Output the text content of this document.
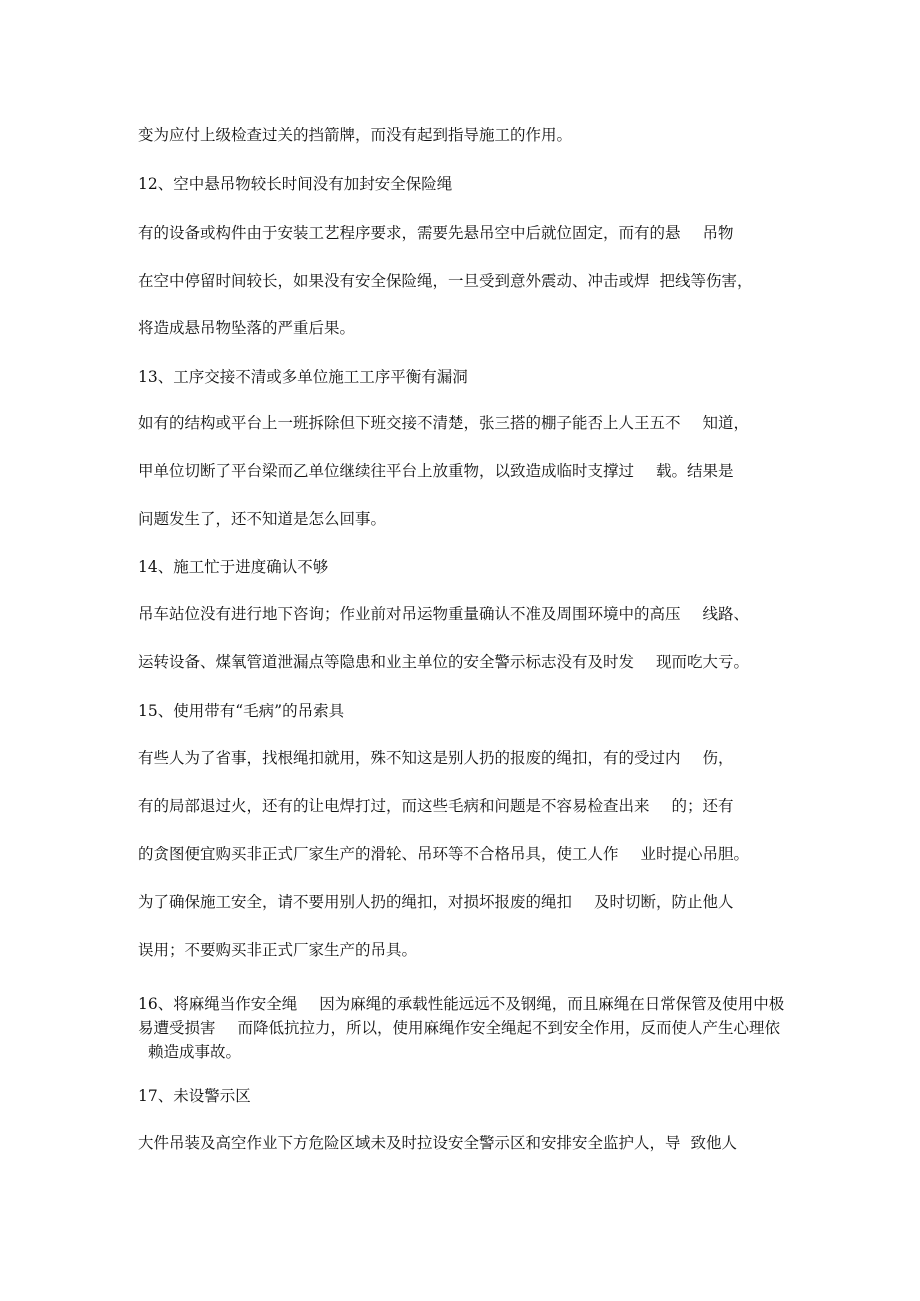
变为应付上级检查过关的挡箭牌，而没有起到指导施工的作用。
12、空中悬吊物较长时间没有加封安全保险绳
有的设备或构件由于安装工艺程序要求，需要先悬吊空中后就位固定，而有的悬 吊物
在空中停留时间较长，如果没有安全保险绳，一旦受到意外震动、冲击或焊 把线等伤害，
将造成悬吊物坠落的严重后果。
13、工序交接不清或多单位施工工序平衡有漏洞
如有的结构或平台上一班拆除但下班交接不清楚，张三搭的棚子能否上人王五不 知道，
甲单位切断了平台梁而乙单位继续往平台上放重物，以致造成临时支撑过 载。结果是
问题发生了，还不知道是怎么回事。
14、施工忙于进度确认不够
吊车站位没有进行地下咨询；作业前对吊运物重量确认不准及周围环境中的高压 线路、
运转设备、煤氧管道泄漏点等隐患和业主单位的安全警示标志没有及时发 现而吃大亏。
15、使用带有“毛病”的吊索具
有些人为了省事，找根绳扣就用，殊不知这是别人扔的报废的绳扣，有的受过内 伤，
有的局部退过火，还有的让电焊打过，而这些毛病和问题是不容易检查出来 的；还有
的贪图便宜购买非正式厂家生产的滑轮、吊环等不合格吊具，使工人作 业时提心吊胆。
为了确保施工安全，请不要用别人扔的绳扣，对损坏报废的绳扣 及时切断，防止他人
误用；不要购买非正式厂家生产的吊具。
16、将麻绳当作安全绳 因为麻绳的承载性能远远不及钢绳，而且麻绳在日常保管及使用中极易遭受损害 而降低抗拉力，所以，使用麻绳作安全绳起不到安全作用，反而使人产生心理依赖造成事故。
17、未设警示区
大件吊装及高空作业下方危险区域未及时拉设安全警示区和安排安全监护人，导 致他人
